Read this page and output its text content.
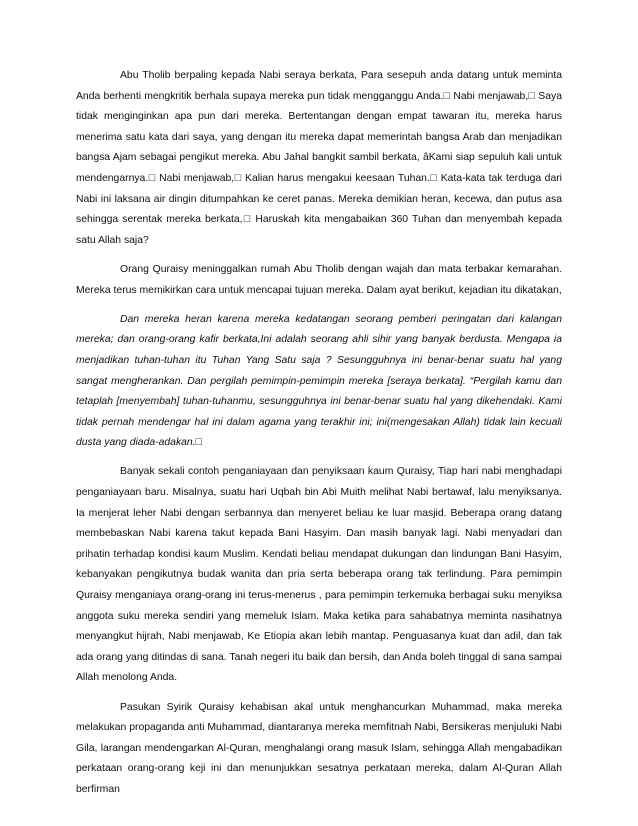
Abu Tholib berpaling kepada Nabi seraya berkata, Para sesepuh anda datang untuk meminta Anda berhenti mengkritik berhala supaya mereka pun tidak mengganggu Anda.□ Nabi menjawab,□ Saya tidak menginginkan apa pun dari mereka. Bertentangan dengan empat tawaran itu, mereka harus menerima satu kata dari saya, yang dengan itu mereka dapat memerintah bangsa Arab dan menjadikan bangsa Ajam sebagai pengikut mereka. Abu Jahal bangkit sambil berkata, âKami siap sepuluh kali untuk mendengarnya.□ Nabi menjawab,□ Kalian harus mengakui keesaan Tuhan.□ Kata-kata tak terduga dari Nabi ini laksana air dingin ditumpahkan ke ceret panas. Mereka demikian heran, kecewa, dan putus asa sehingga serentak mereka berkata,□ Haruskah kita mengabaikan 360 Tuhan dan menyembah kepada satu Allah saja?

Orang Quraisy meninggalkan rumah Abu Tholib dengan wajah dan mata terbakar kemarahan. Mereka terus memikirkan cara untuk mencapai tujuan mereka. Dalam ayat berikut, kejadian itu dikatakan,

Dan mereka heran karena mereka kedatangan seorang pemberi peringatan dari kalangan mereka; dan orang-orang kafir berkata,Ini adalah seorang ahli sihir yang banyak berdusta. Mengapa ia menjadikan tuhan-tuhan itu Tuhan Yang Satu saja ? Sesungguhnya ini benar-benar suatu hal yang sangat mengherankan. Dan pergilah pemimpin-pemimpin mereka [seraya berkata]. “Pergilah kamu dan tetaplah [menyembah] tuhan-tuhanmu, sesungguhnya ini benar-benar suatu hal yang dikehendaki. Kami tidak pernah mendengar hal ini dalam agama yang terakhir ini; ini(mengesakan Allah) tidak lain kecuali dusta yang diada-adakan.□

Banyak sekali contoh penganiayaan dan penyiksaan kaum Quraisy, Tiap hari nabi menghadapi penganiayaan baru. Misalnya, suatu hari Uqbah bin Abi Muith melihat Nabi bertawaf, lalu menyiksanya. Ia menjerat leher Nabi dengan serbannya dan menyeret beliau ke luar masjid. Beberapa orang datang membebaskan Nabi karena takut kepada Bani Hasyim. Dan masih banyak lagi. Nabi menyadari dan prihatin terhadap kondisi kaum Muslim. Kendati beliau mendapat dukungan dan lindungan Bani Hasyim, kebanyakan pengikutnya budak wanita dan pria serta beberapa orang tak terlindung. Para pemimpin Quraisy menganiaya orang-orang ini terus-menerus , para pemimpin terkemuka berbagai suku menyiksa anggota suku mereka sendiri yang memeluk Islam. Maka ketika para sahabatnya meminta nasihatnya menyangkut hijrah, Nabi menjawab, Ke Etiopia akan lebih mantap. Penguasanya kuat dan adil, dan tak ada orang yang ditindas di sana. Tanah negeri itu baik dan bersih, dan Anda boleh tinggal di sana sampai Allah menolong Anda.

Pasukan Syirik Quraisy kehabisan akal untuk menghancurkan Muhammad, maka mereka melakukan propaganda anti Muhammad, diantaranya mereka memfitnah Nabi, Bersikeras menjuluki Nabi Gila, larangan mendengarkan Al-Quran, menghalangi orang masuk Islam, sehingga Allah mengabadikan perkataan orang-orang keji ini dan menunjukkan sesatnya perkataan mereka, dalam Al-Quran Allah berfirman
